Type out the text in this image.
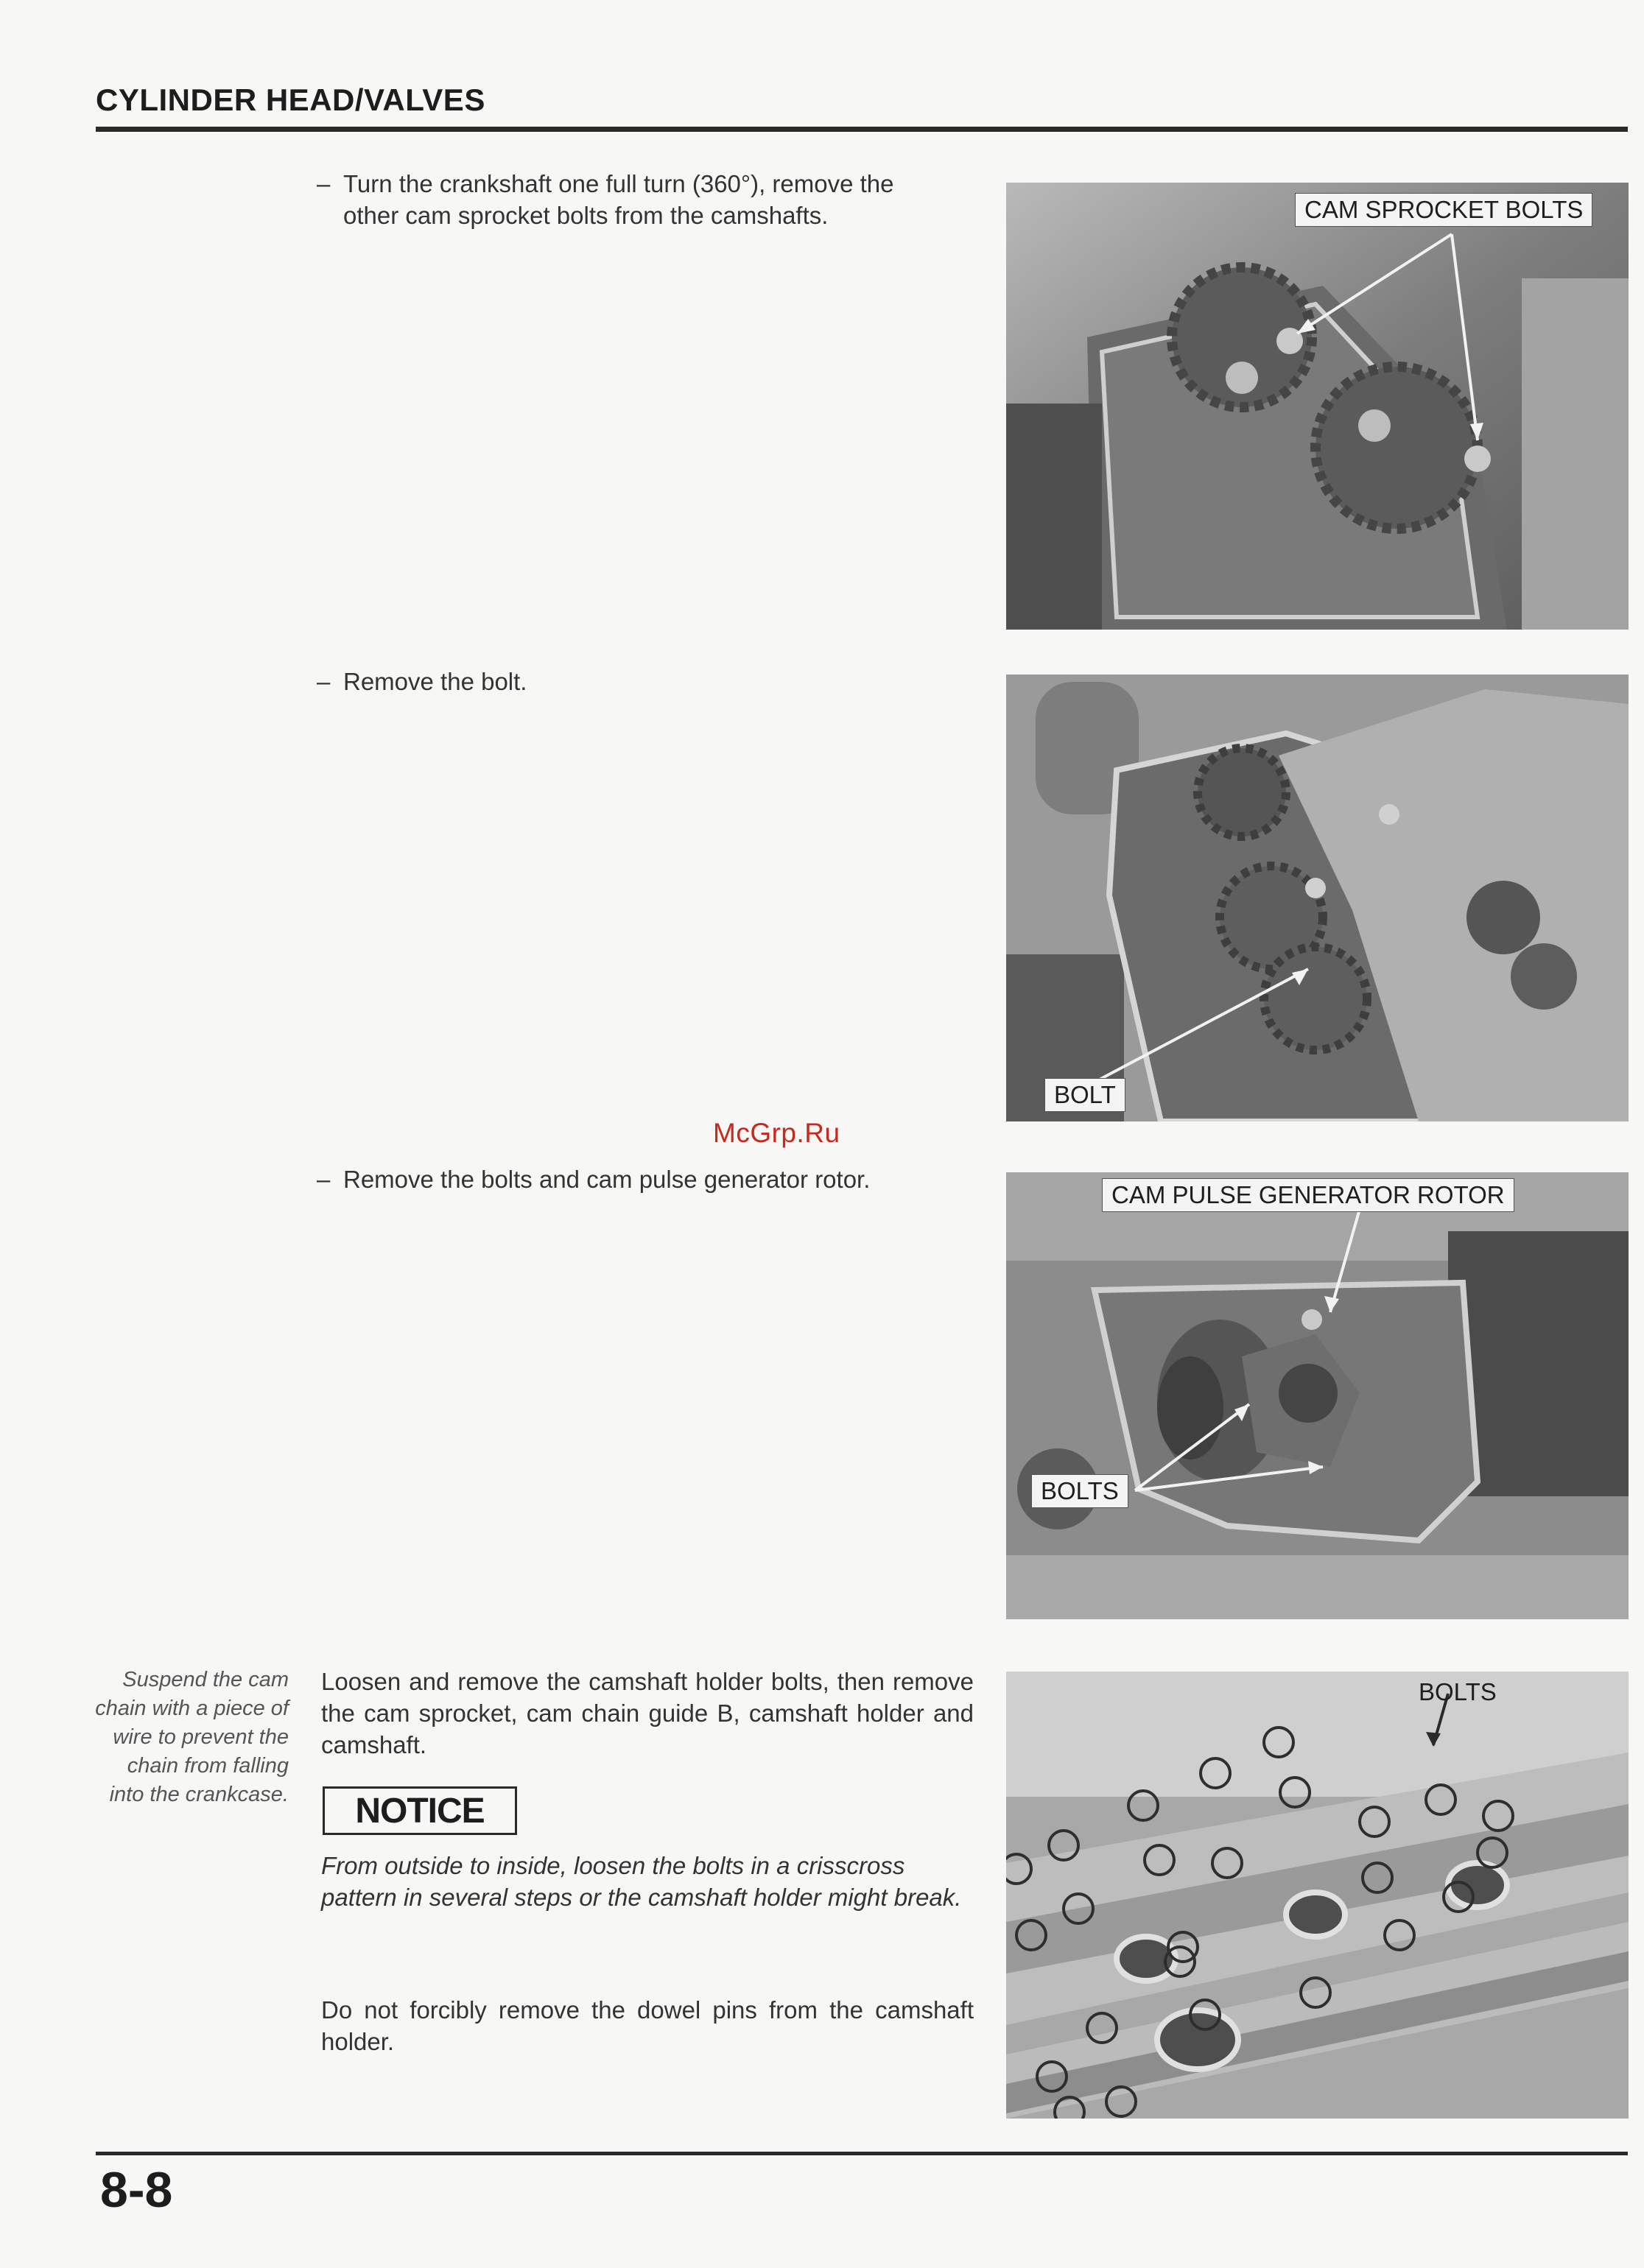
CYLINDER HEAD/VALVES
– Turn the crankshaft one full turn (360°), remove the
other cam sprocket bolts from the camshafts.	CAM SPROCKET BOLTS
– Remove the bolt.
BOLT
McGrp.Ru
– Remove the bolts and cam pulse generator rotor.
CAM PULSE GENERATOR ROTOR
BOLTS
Suspend the cam chain with a piece of wire to prevent the chain from falling into the crankcase.
Loosen and remove the camshaft holder bolts, then remove the cam sprocket, cam chain guide B, camshaft holder and camshaft.
NOTICE
From outside to inside, loosen the bolts in a crisscross pattern in several steps or the camshaft holder might break.
Do not forcibly remove the dowel pins from the camshaft holder.
BOLTS
8-8
